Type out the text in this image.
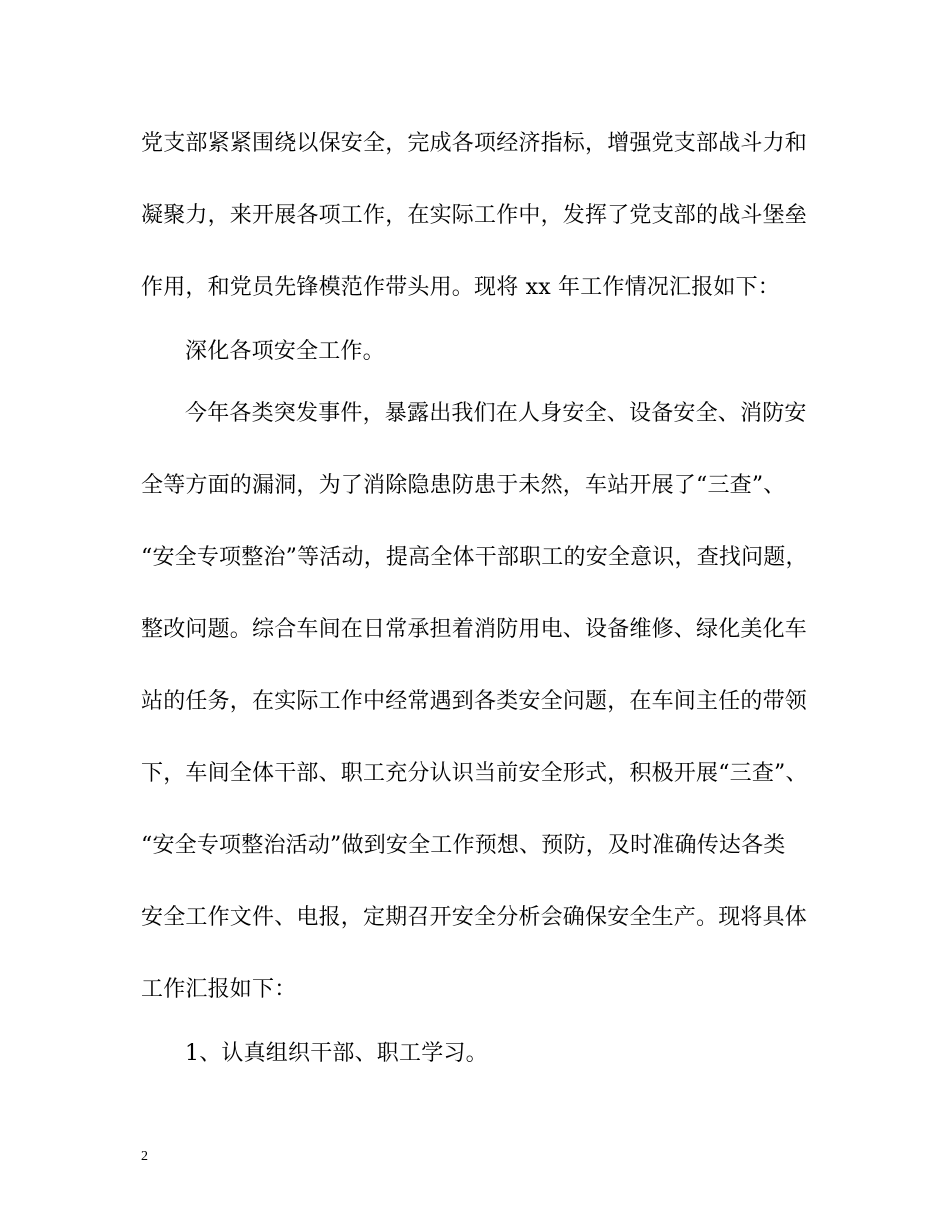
党支部紧紧围绕以保安全，完成各项经济指标，增强党支部战斗力和
凝聚力，来开展各项工作，在实际工作中，发挥了党支部的战斗堡垒
作用，和党员先锋模范作带头用。现将 xx 年工作情况汇报如下：
深化各项安全工作。
今年各类突发事件，暴露出我们在人身安全、设备安全、消防安
全等方面的漏洞，为了消除隐患防患于未然，车站开展了“三查”、
“安全专项整治”等活动，提高全体干部职工的安全意识，查找问题，
整改问题。综合车间在日常承担着消防用电、设备维修、绿化美化车
站的任务，在实际工作中经常遇到各类安全问题，在车间主任的带领
下，车间全体干部、职工充分认识当前安全形式，积极开展“三查”、
“安全专项整治活动”做到安全工作预想、预防，及时准确传达各类
安全工作文件、电报，定期召开安全分析会确保安全生产。现将具体
工作汇报如下：
1、认真组织干部、职工学习。
2
